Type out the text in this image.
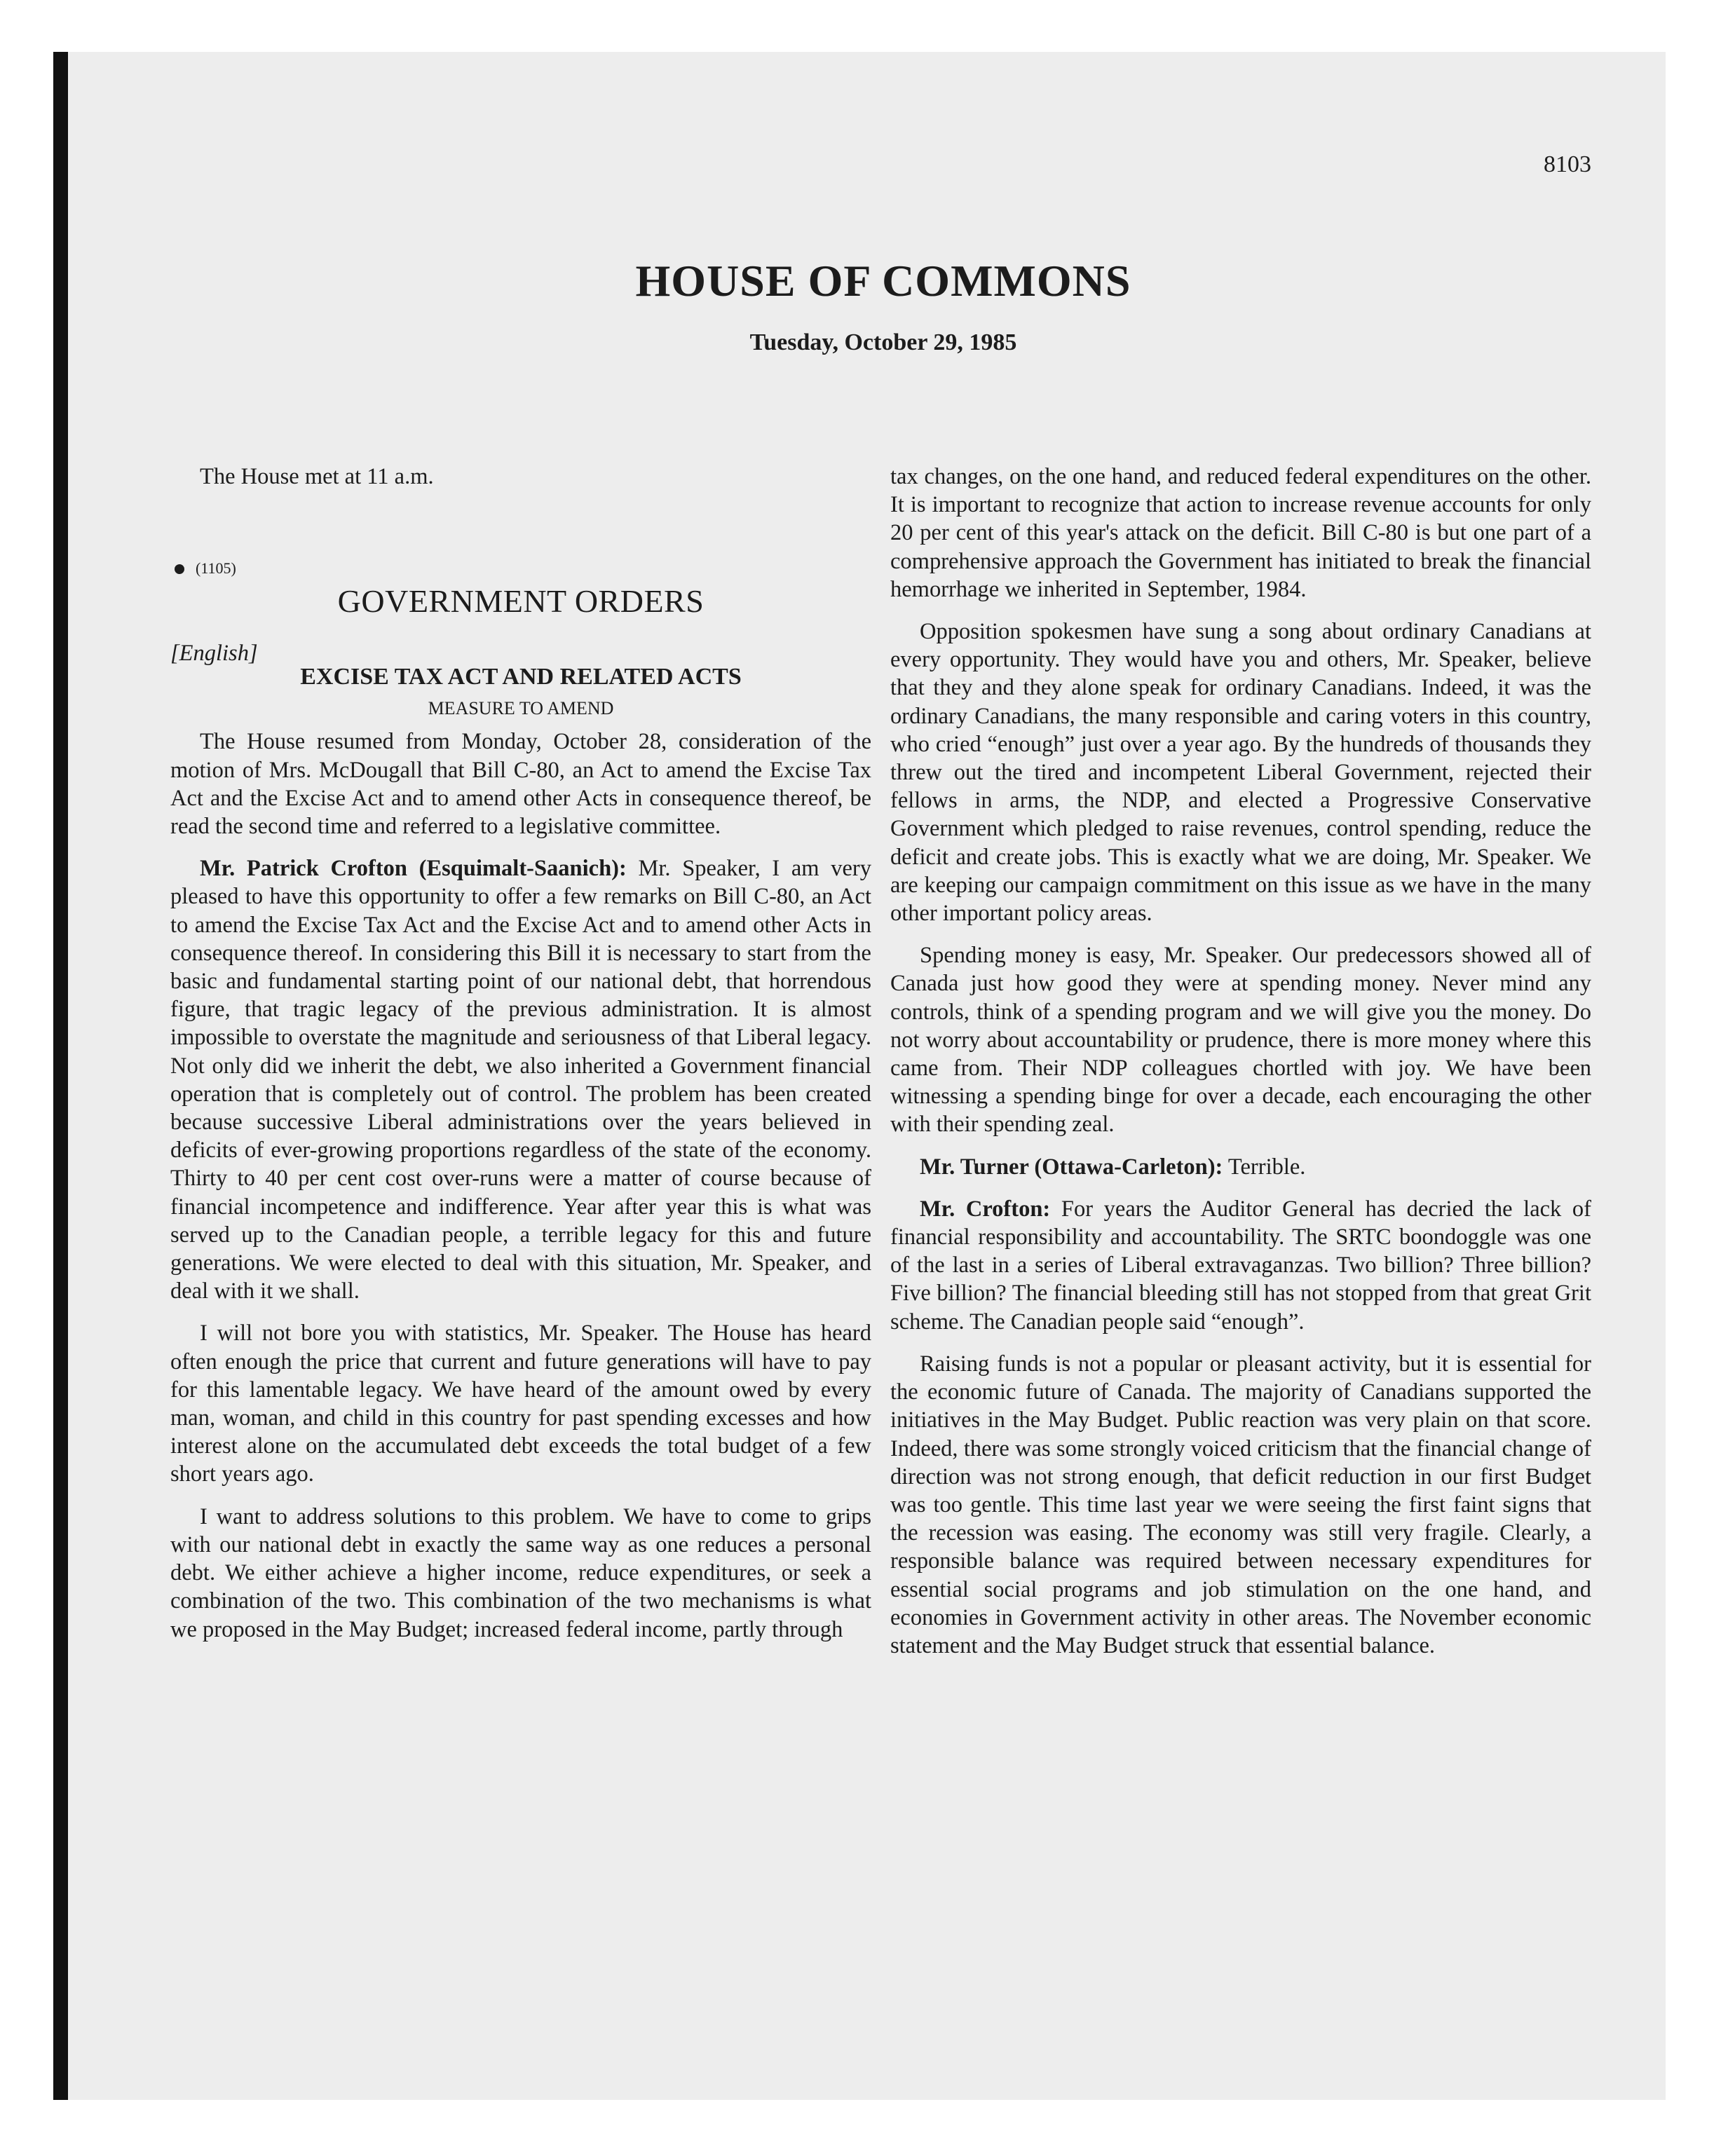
8103
HOUSE OF COMMONS
Tuesday, October 29, 1985

The House met at 11 a.m.

(1105)
GOVERNMENT ORDERS
[English]
EXCISE TAX ACT AND RELATED ACTS
MEASURE TO AMEND

The House resumed from Monday, October 28, consideration of the motion of Mrs. McDougall that Bill C-80, an Act to amend the Excise Tax Act and the Excise Act and to amend other Acts in consequence thereof, be read the second time and referred to a legislative committee.

Mr. Patrick Crofton (Esquimalt-Saanich): Mr. Speaker, I am very pleased to have this opportunity to offer a few remarks on Bill C-80, an Act to amend the Excise Tax Act and the Excise Act and to amend other Acts in consequence thereof. In considering this Bill it is necessary to start from the basic and fundamental starting point of our national debt, that horrendous figure, that tragic legacy of the previous administration. It is almost impossible to overstate the magnitude and seriousness of that Liberal legacy. Not only did we inherit the debt, we also inherited a Government financial operation that is completely out of control. The problem has been created because successive Liberal administrations over the years believed in deficits of ever-growing proportions regardless of the state of the economy. Thirty to 40 per cent cost over-runs were a matter of course because of financial incompetence and indifference. Year after year this is what was served up to the Canadian people, a terrible legacy for this and future generations. We were elected to deal with this situation, Mr. Speaker, and deal with it we shall.

I will not bore you with statistics, Mr. Speaker. The House has heard often enough the price that current and future generations will have to pay for this lamentable legacy. We have heard of the amount owed by every man, woman, and child in this country for past spending excesses and how interest alone on the accumulated debt exceeds the total budget of a few short years ago.

I want to address solutions to this problem. We have to come to grips with our national debt in exactly the same way as one reduces a personal debt. We either achieve a higher income, reduce expenditures, or seek a combination of the two. This combination of the two mechanisms is what we proposed in the May Budget; increased federal income, partly through

tax changes, on the one hand, and reduced federal expenditures on the other. It is important to recognize that action to increase revenue accounts for only 20 per cent of this year's attack on the deficit. Bill C-80 is but one part of a comprehensive approach the Government has initiated to break the financial hemorrhage we inherited in September, 1984.

Opposition spokesmen have sung a song about ordinary Canadians at every opportunity. They would have you and others, Mr. Speaker, believe that they and they alone speak for ordinary Canadians. Indeed, it was the ordinary Canadians, the many responsible and caring voters in this country, who cried “enough” just over a year ago. By the hundreds of thousands they threw out the tired and incompetent Liberal Government, rejected their fellows in arms, the NDP, and elected a Progressive Conservative Government which pledged to raise revenues, control spending, reduce the deficit and create jobs. This is exactly what we are doing, Mr. Speaker. We are keeping our campaign commitment on this issue as we have in the many other important policy areas.

Spending money is easy, Mr. Speaker. Our predecessors showed all of Canada just how good they were at spending money. Never mind any controls, think of a spending program and we will give you the money. Do not worry about accountability or prudence, there is more money where this came from. Their NDP colleagues chortled with joy. We have been witnessing a spending binge for over a decade, each encouraging the other with their spending zeal.

Mr. Turner (Ottawa-Carleton): Terrible.

Mr. Crofton: For years the Auditor General has decried the lack of financial responsibility and accountability. The SRTC boondoggle was one of the last in a series of Liberal extravaganzas. Two billion? Three billion? Five billion? The financial bleeding still has not stopped from that great Grit scheme. The Canadian people said “enough”.

Raising funds is not a popular or pleasant activity, but it is essential for the economic future of Canada. The majority of Canadians supported the initiatives in the May Budget. Public reaction was very plain on that score. Indeed, there was some strongly voiced criticism that the financial change of direction was not strong enough, that deficit reduction in our first Budget was too gentle. This time last year we were seeing the first faint signs that the recession was easing. The economy was still very fragile. Clearly, a responsible balance was required between necessary expenditures for essential social programs and job stimulation on the one hand, and economies in Government activity in other areas. The November economic statement and the May Budget struck that essential balance.
